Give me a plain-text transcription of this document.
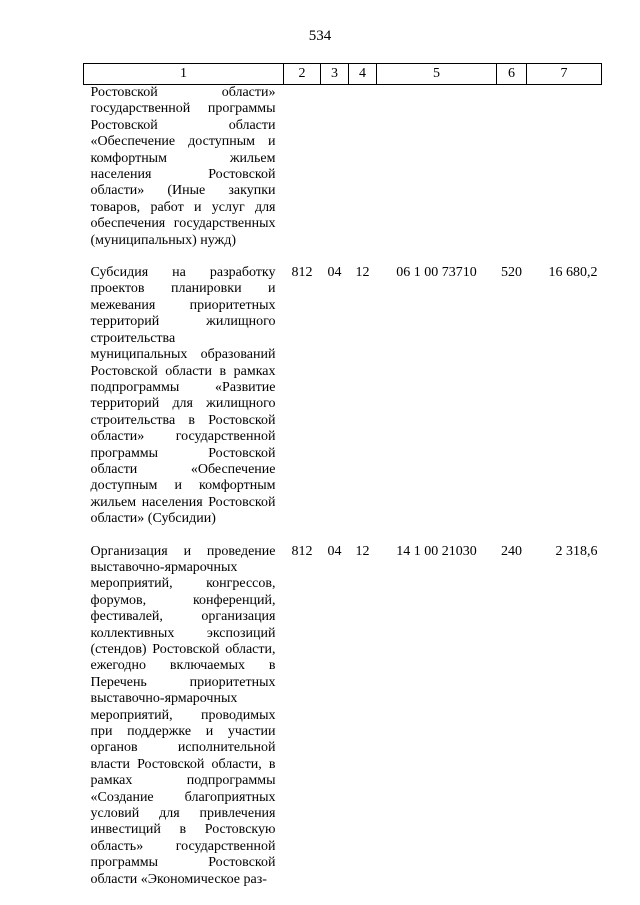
534
1	2	3	4	5	6	7
Ростовской области» государственной программы Ростовской области «Обеспечение доступным и комфортным жильем населения Ростовской области» (Иные закупки товаров, работ и услуг для обеспечения государственных (муниципальных) нужд)						
Субсидия на разработку проектов планировки и межевания приоритетных территорий жилищного строительства муниципальных образований Ростовской области в рамках подпрограммы «Развитие территорий для жилищного строительства в Ростовской области» государственной программы Ростовской области «Обеспечение доступным и комфортным жильем населения Ростовской области» (Субсидии)	812	04	12	06 1 00 73710	520	16 680,2
Организация и проведение выставочно-ярмарочных мероприятий, конгрессов, форумов, конференций, фестивалей, организация коллективных экспозиций (стендов) Ростовской области, ежегодно включаемых в Перечень приоритетных выставочно-ярмарочных мероприятий, проводимых при поддержке и участии органов исполнительной власти Ростовской области, в рамках подпрограммы «Создание благоприятных условий для привлечения инвестиций в Ростовскую область» государственной программы Ростовской области «Экономическое раз-	812	04	12	14 1 00 21030	240	2 318,6
